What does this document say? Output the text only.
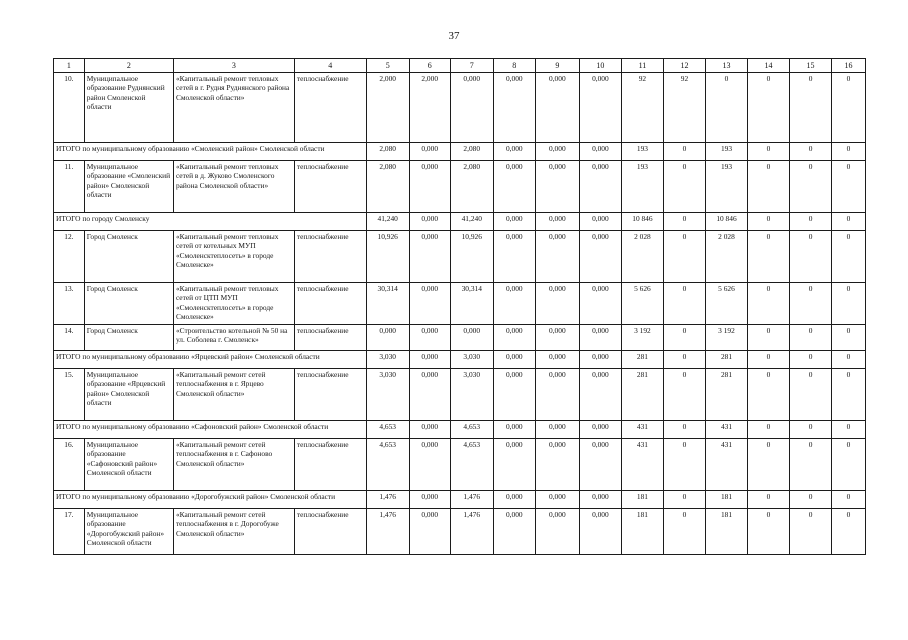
37
1	2	3	4	5	6	7	8	9	10	11	12	13	14	15	16
10.	Муниципальное образование Руднянский район Смоленской области	«Капитальный ремонт тепловых сетей в г. Рудня Руднянского района Смоленской области»	теплоснабжение	2,000	2,000	0,000	0,000	0,000	0,000	92	92	0	0	0	0
ИТОГО по муниципальному образованию «Смоленский район» Смоленской области				2,080	0,000	2,080	0,000	0,000	0,000	193	0	193	0	0	0
11.	Муниципальное образование «Смоленский район» Смоленской области	«Капитальный ремонт тепловых сетей в д. Жуково Смоленского района Смоленской области»	теплоснабжение	2,080	0,000	2,080	0,000	0,000	0,000	193	0	193	0	0	0
ИТОГО по городу Смоленску				41,240	0,000	41,240	0,000	0,000	0,000	10 846	0	10 846	0	0	0
12.	Город Смоленск	«Капитальный ремонт тепловых сетей от котельных МУП «Смоленсктеплосеть» в городе Смоленске»	теплоснабжение	10,926	0,000	10,926	0,000	0,000	0,000	2 028	0	2 028	0	0	0
13.	Город Смоленск	«Капитальный ремонт тепловых сетей от ЦТП МУП «Смоленсктеплосеть» в городе Смоленске»	теплоснабжение	30,314	0,000	30,314	0,000	0,000	0,000	5 626	0	5 626	0	0	0
14.	Город Смоленск	«Строительство котельной № 50 на ул. Соболева г. Смоленск»	теплоснабжение	0,000	0,000	0,000	0,000	0,000	0,000	3 192	0	3 192	0	0	0
ИТОГО по муниципальному образованию «Ярцевский район» Смоленской области				3,030	0,000	3,030	0,000	0,000	0,000	281	0	281	0	0	0
15.	Муниципальное образование «Ярцевский район» Смоленской области	«Капитальный ремонт сетей теплоснабжения в г. Ярцево Смоленской области»	теплоснабжение	3,030	0,000	3,030	0,000	0,000	0,000	281	0	281	0	0	0
ИТОГО по муниципальному образованию «Сафоновский район» Смоленской области				4,653	0,000	4,653	0,000	0,000	0,000	431	0	431	0	0	0
16.	Муниципальное образование «Сафоновский район» Смоленской области	«Капитальный ремонт сетей теплоснабжения в г. Сафоново Смоленской области»	теплоснабжение	4,653	0,000	4,653	0,000	0,000	0,000	431	0	431	0	0	0
ИТОГО по муниципальному образованию «Дорогобужский район» Смоленской области				1,476	0,000	1,476	0,000	0,000	0,000	181	0	181	0	0	0
17.	Муниципальное образование «Дорогобужский район» Смоленской области	«Капитальный ремонт сетей теплоснабжения в г. Дорогобуже Смоленской области»	теплоснабжение	1,476	0,000	1,476	0,000	0,000	0,000	181	0	181	0	0	0
